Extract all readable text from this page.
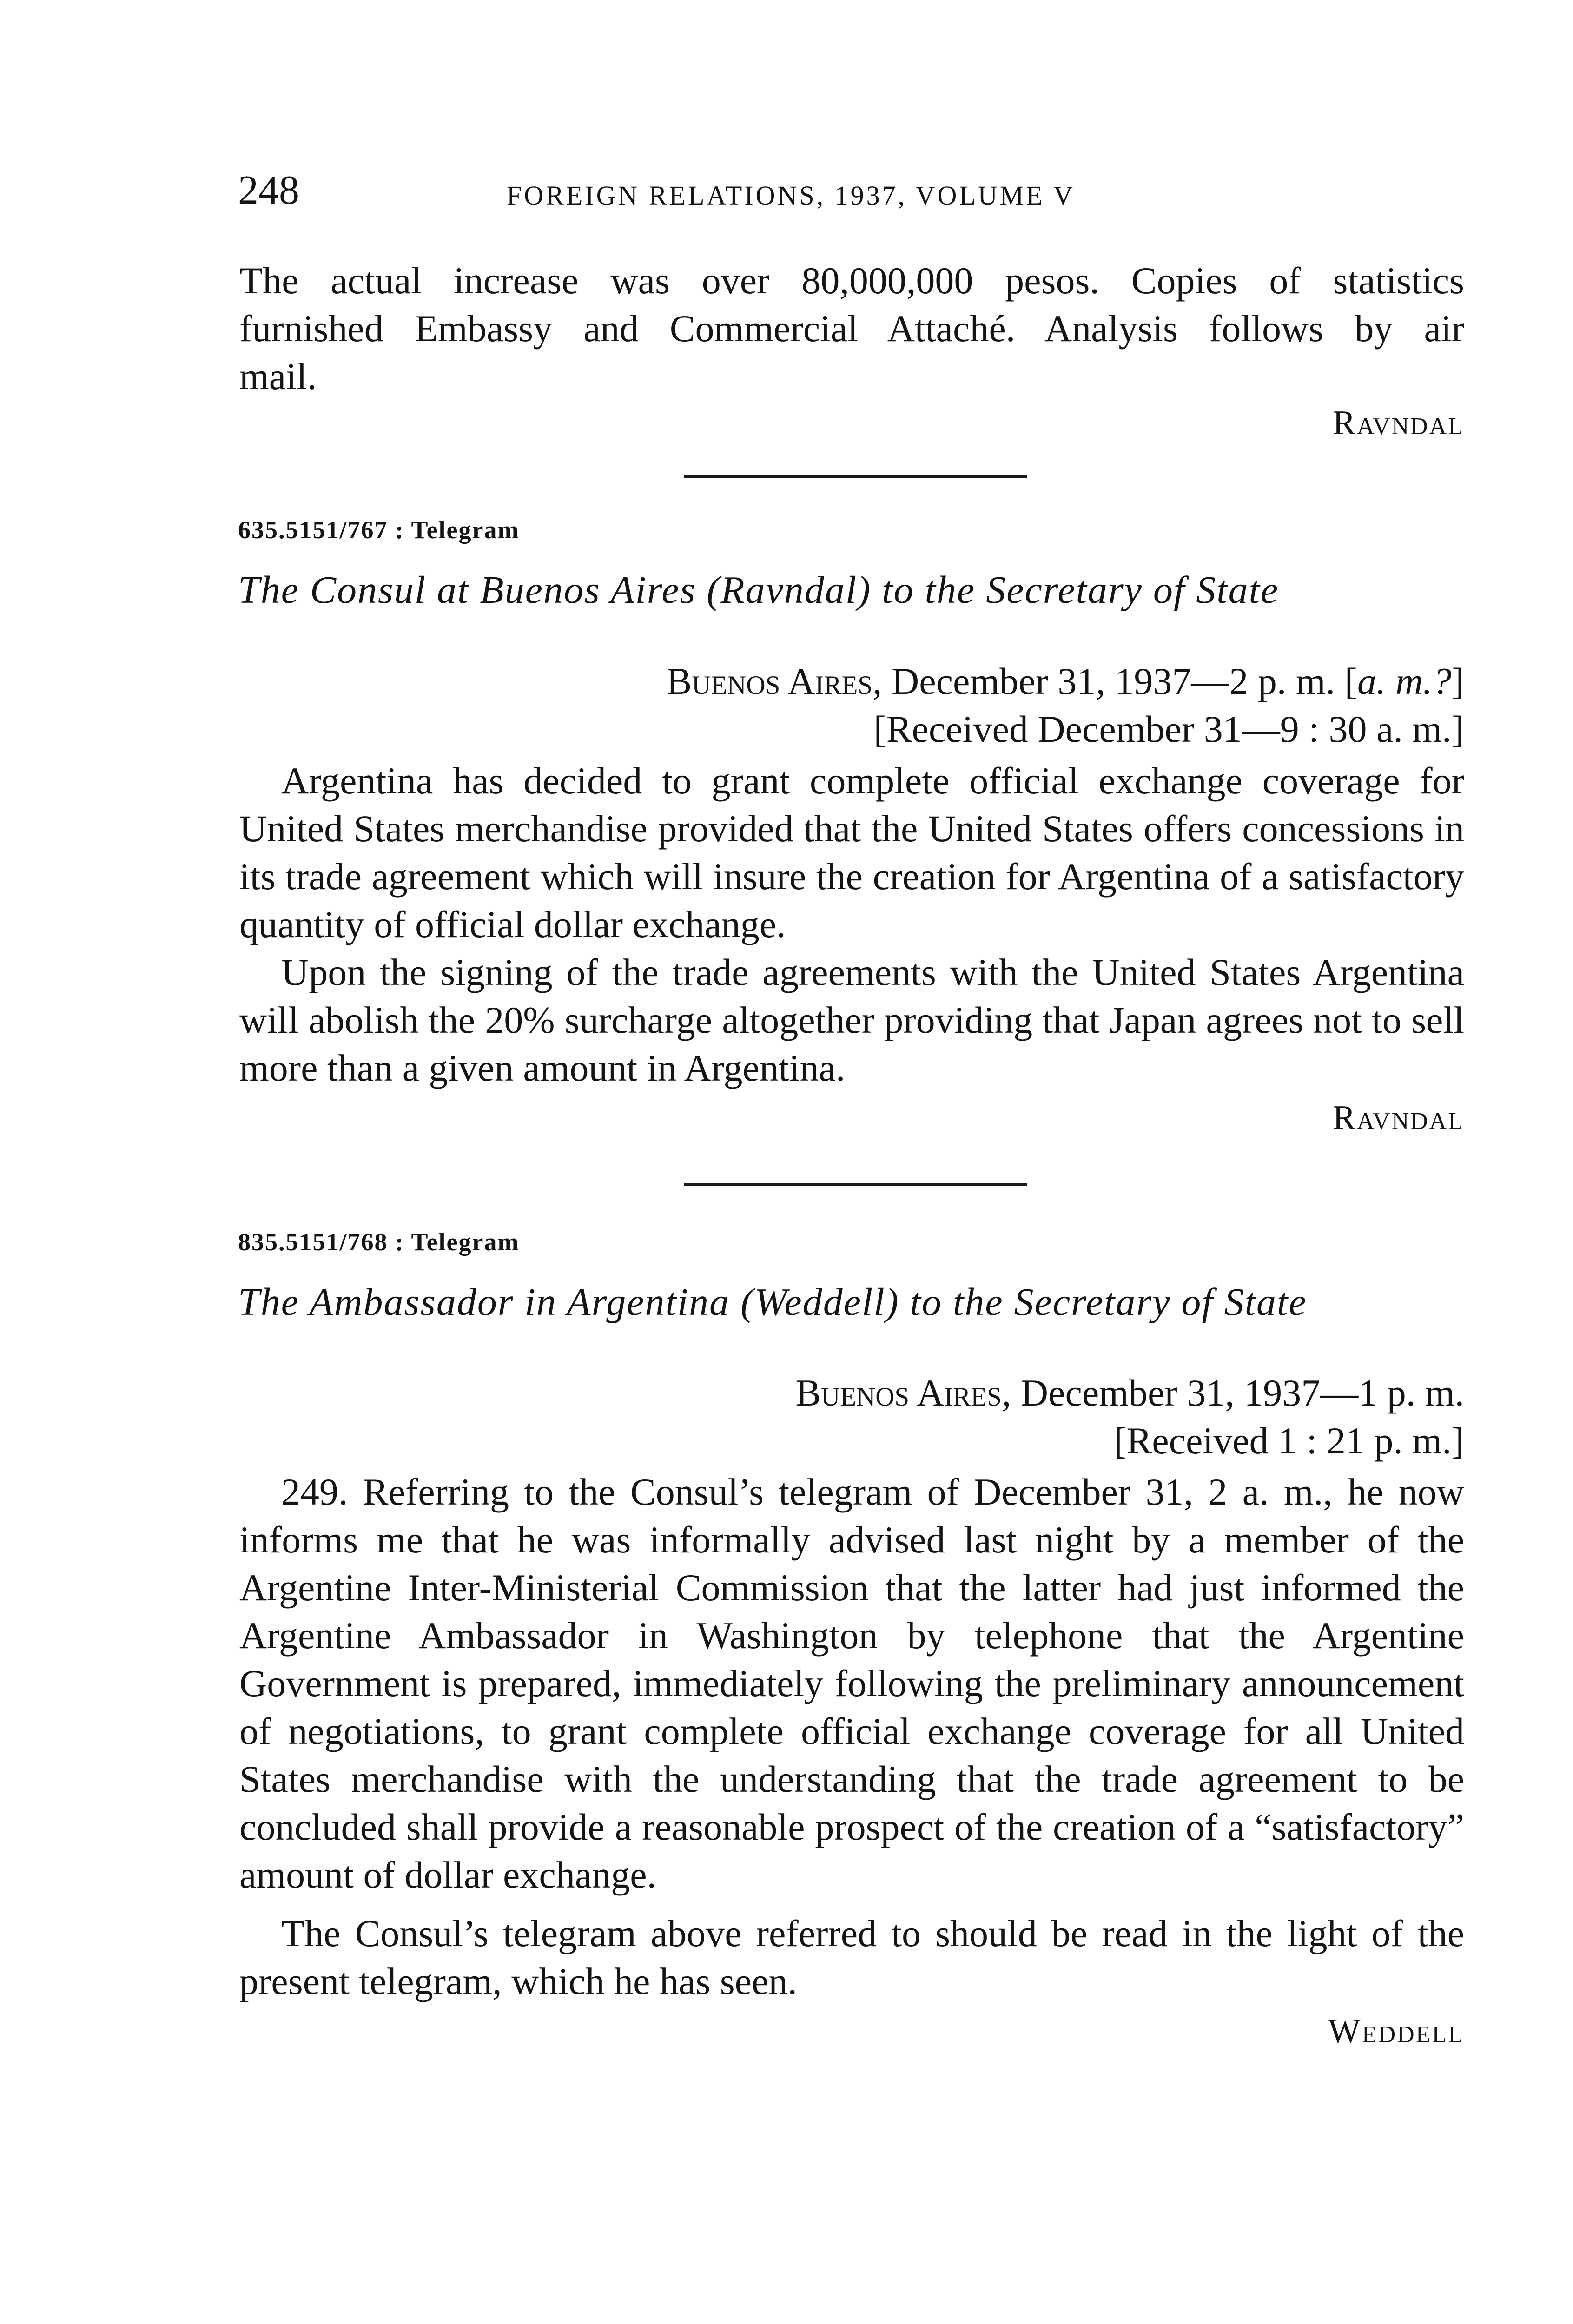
248	FOREIGN RELATIONS, 1937, VOLUME V
The actual increase was over 80,000,000 pesos. Copies of statistics
furnished Embassy and Commercial Attaché. Analysis follows by air
mail.
Ravndal
635.5151/767 : Telegram
The Consul at Buenos Aires (Ravndal) to the Secretary of State
Buenos Aires, December 31, 1937—2 p. m. [a. m.?]
[Received December 31—9 : 30 a. m.]
Argentina has decided to grant complete official exchange coverage for United States merchandise provided that the United States offers concessions in its trade agreement which will insure the creation for Argentina of a satisfactory quantity of official dollar exchange.
Upon the signing of the trade agreements with the United States Argentina will abolish the 20% surcharge altogether providing that Japan agrees not to sell more than a given amount in Argentina.
Ravndal
835.5151/768 : Telegram
The Ambassador in Argentina (Weddell) to the Secretary of State
Buenos Aires, December 31, 1937—1 p. m.
[Received 1 : 21 p. m.]
249. Referring to the Consul’s telegram of December 31, 2 a. m., he now informs me that he was informally advised last night by a member of the Argentine Inter-Ministerial Commission that the latter had just informed the Argentine Ambassador in Washington by telephone that the Argentine Government is prepared, immediately following the preliminary announcement of negotiations, to grant complete official exchange coverage for all United States merchandise with the understanding that the trade agreement to be concluded shall provide a reasonable prospect of the creation of a “satisfactory” amount of dollar exchange.
The Consul’s telegram above referred to should be read in the light of the present telegram, which he has seen.
Weddell
